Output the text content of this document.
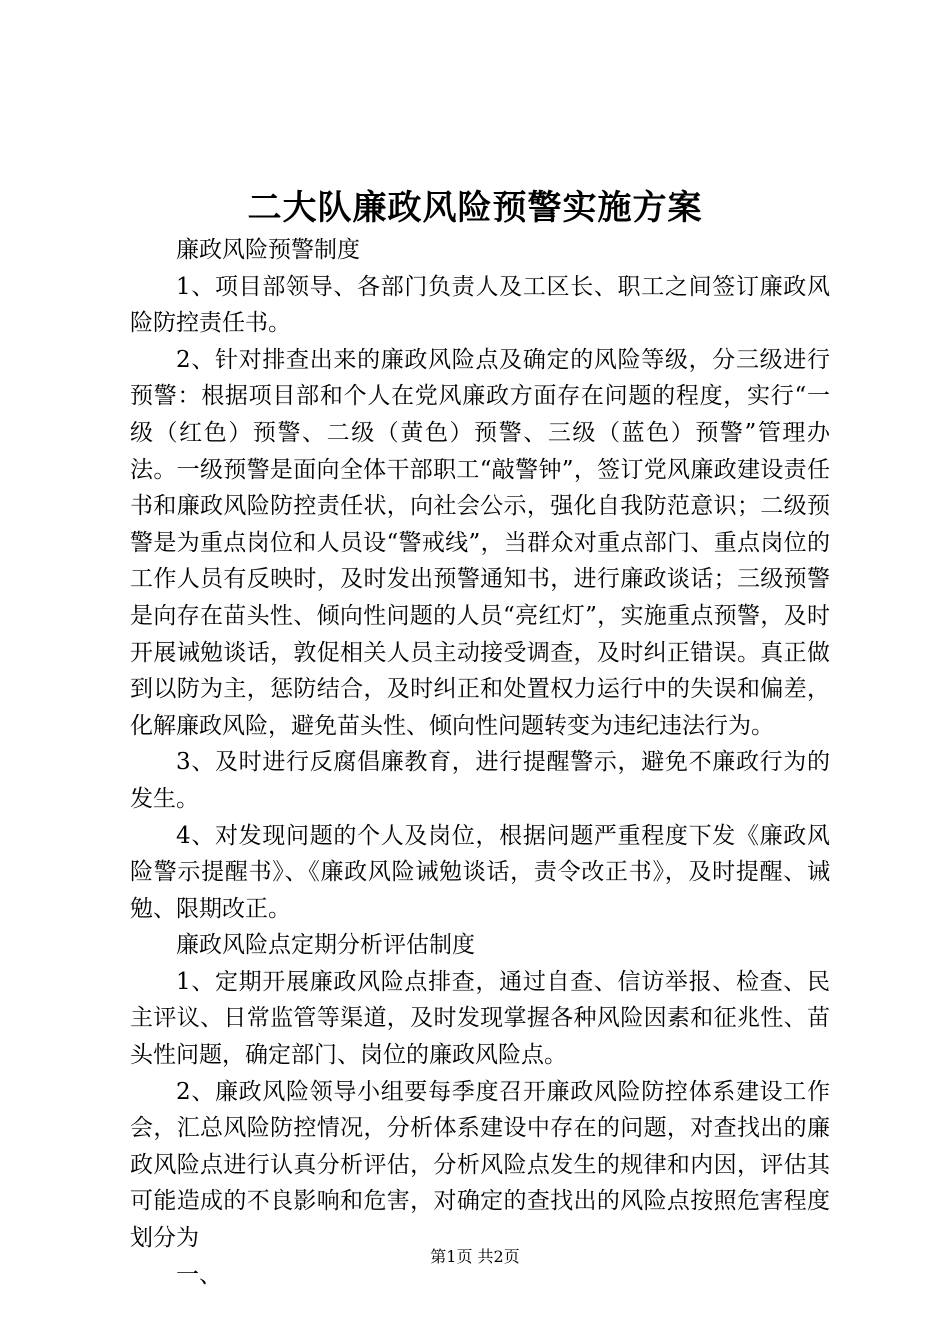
二大队廉政风险预警实施方案

廉政风险预警制度

1、项目部领导、各部门负责人及工区长、职工之间签订廉政风险防控责任书。

2、针对排查出来的廉政风险点及确定的风险等级，分三级进行预警：根据项目部和个人在党风廉政方面存在问题的程度，实行“一级（红色）预警、二级（黄色）预警、三级（蓝色）预警”管理办法。一级预警是面向全体干部职工“敲警钟”，签订党风廉政建设责任书和廉政风险防控责任状，向社会公示，强化自我防范意识；二级预警是为重点岗位和人员设“警戒线”，当群众对重点部门、重点岗位的工作人员有反映时，及时发出预警通知书，进行廉政谈话；三级预警是向存在苗头性、倾向性问题的人员“亮红灯”，实施重点预警，及时开展诫勉谈话，敦促相关人员主动接受调查，及时纠正错误。真正做到以防为主，惩防结合，及时纠正和处置权力运行中的失误和偏差，化解廉政风险，避免苗头性、倾向性问题转变为违纪违法行为。

3、及时进行反腐倡廉教育，进行提醒警示，避免不廉政行为的发生。

4、对发现问题的个人及岗位，根据问题严重程度下发《廉政风险警示提醒书》、《廉政风险诫勉谈话，责令改正书》，及时提醒、诫勉、限期改正。

廉政风险点定期分析评估制度

1、定期开展廉政风险点排查，通过自查、信访举报、检查、民主评议、日常监管等渠道，及时发现掌握各种风险因素和征兆性、苗头性问题，确定部门、岗位的廉政风险点。

2、廉政风险领导小组要每季度召开廉政风险防控体系建设工作会，汇总风险防控情况，分析体系建设中存在的问题，对查找出的廉政风险点进行认真分析评估，分析风险点发生的规律和内因，评估其可能造成的不良影响和危害，对确定的查找出的风险点按照危害程度划分为

一、

第1页 共2页
